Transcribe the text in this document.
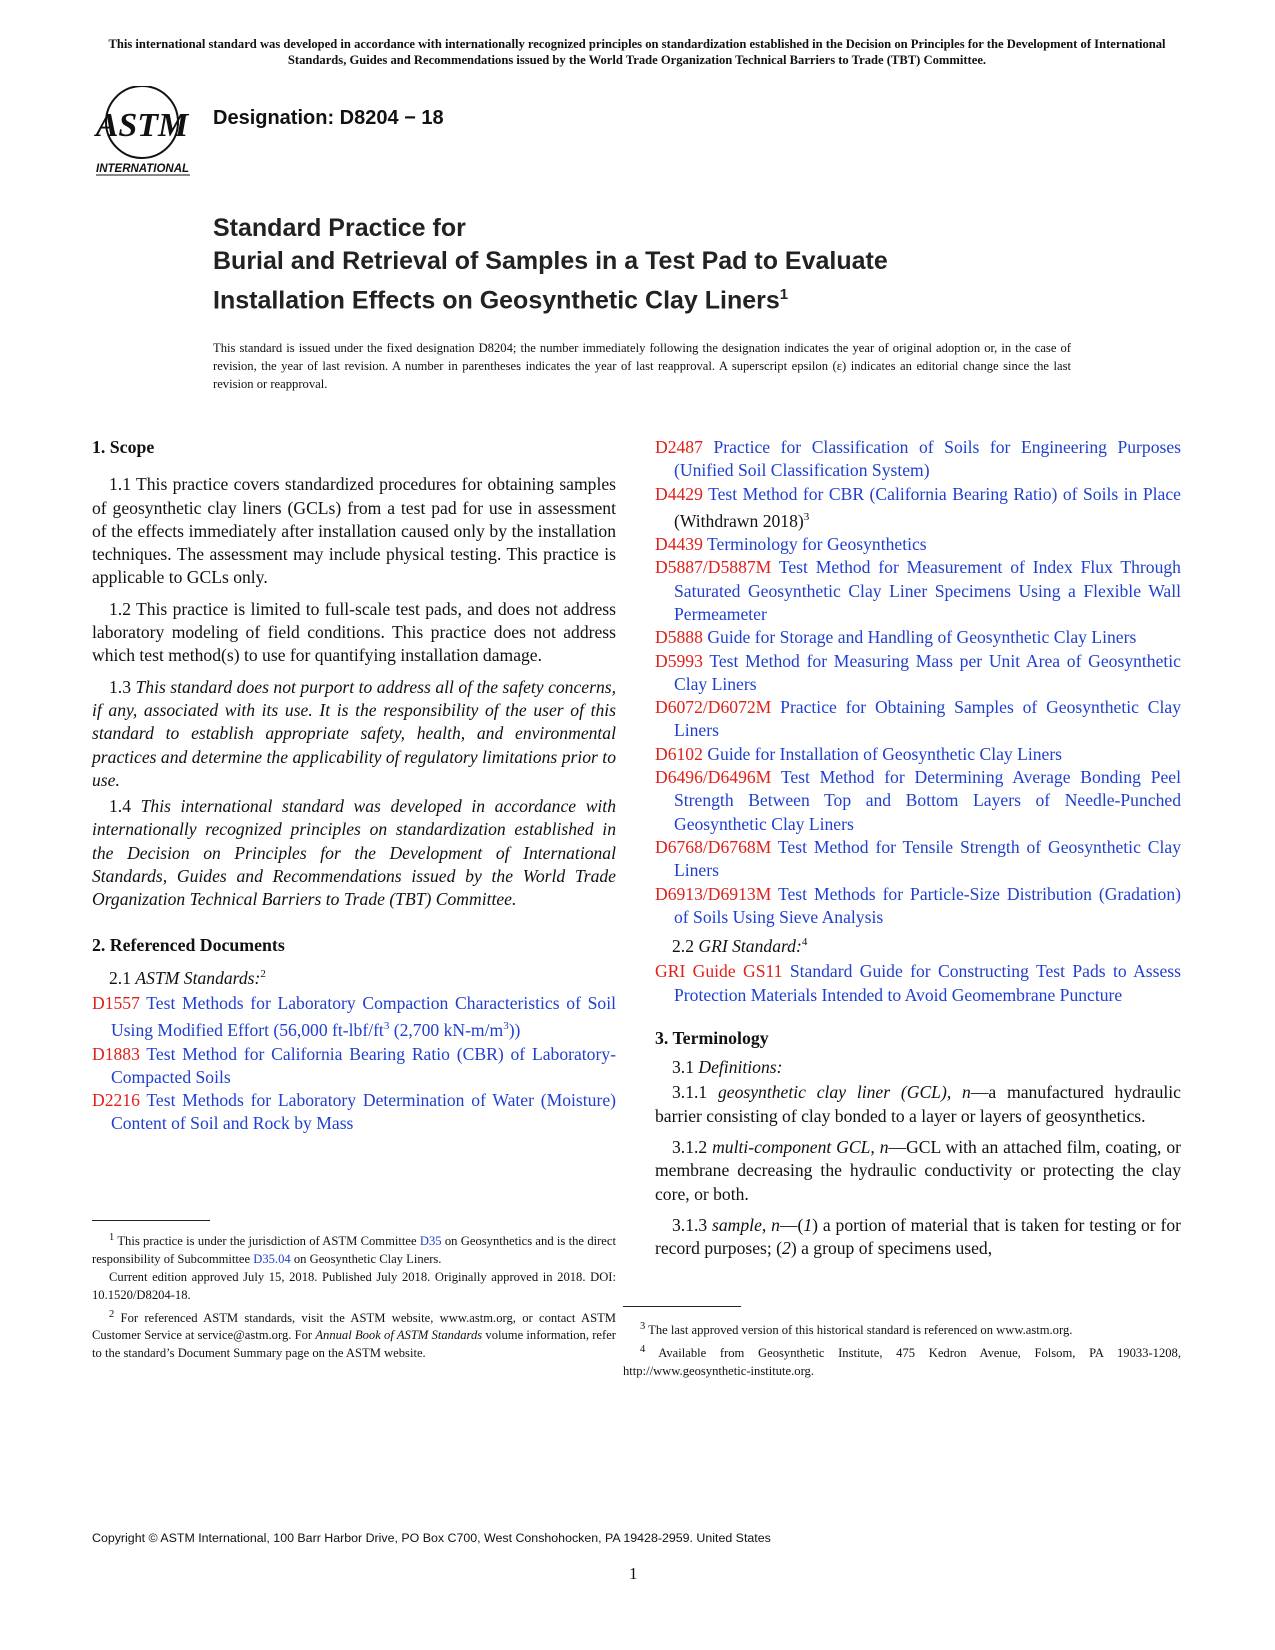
This international standard was developed in accordance with internationally recognized principles on standardization established in the Decision on Principles for the Development of International Standards, Guides and Recommendations issued by the World Trade Organization Technical Barriers to Trade (TBT) Committee.
ASTM
INTERNATIONAL
Designation: D8204 − 18
Standard Practice for
Burial and Retrieval of Samples in a Test Pad to Evaluate
Installation Effects on Geosynthetic Clay Liners$^1$
This standard is issued under the fixed designation D8204; the number immediately following the designation indicates the year of original adoption or, in the case of revision, the year of last revision. A number in parentheses indicates the year of last reapproval. A superscript epsilon (ε) indicates an editorial change since the last revision or reapproval.
1. Scope

1.1 This practice covers standardized procedures for obtaining samples of geosynthetic clay liners (GCLs) from a test pad for use in assessment of the effects immediately after installation caused only by the installation techniques. The assessment may include physical testing. This practice is applicable to GCLs only.

1.2 This practice is limited to full-scale test pads, and does not address laboratory modeling of field conditions. This practice does not address which test method(s) to use for quantifying installation damage.

1.3 This standard does not purport to address all of the safety concerns, if any, associated with its use. It is the responsibility of the user of this standard to establish appropriate safety, health, and environmental practices and determine the applicability of regulatory limitations prior to use.

1.4 This international standard was developed in accordance with internationally recognized principles on standardization established in the Decision on Principles for the Development of International Standards, Guides and Recommendations issued by the World Trade Organization Technical Barriers to Trade (TBT) Committee.

2. Referenced Documents

2.1 ASTM Standards:$^2$

D1557 Test Methods for Laboratory Compaction Characteristics of Soil Using Modified Effort (56,000 $ft-lbf/ft^3$ (2,700 $kN-m/m^3$))

D1883 Test Method for California Bearing Ratio (CBR) of Laboratory-Compacted Soils

D2216 Test Methods for Laboratory Determination of Water (Moisture) Content of Soil and Rock by Mass

D2487 Practice for Classification of Soils for Engineering Purposes (Unified Soil Classification System)

D4429 Test Method for CBR (California Bearing Ratio) of Soils in Place (Withdrawn 2018)$^3$

D4439 Terminology for Geosynthetics

D5887/D5887M Test Method for Measurement of Index Flux Through Saturated Geosynthetic Clay Liner Specimens Using a Flexible Wall Permeameter

D5888 Guide for Storage and Handling of Geosynthetic Clay Liners

D5993 Test Method for Measuring Mass per Unit Area of Geosynthetic Clay Liners

D6072/D6072M Practice for Obtaining Samples of Geosynthetic Clay Liners

D6102 Guide for Installation of Geosynthetic Clay Liners

D6496/D6496M Test Method for Determining Average Bonding Peel Strength Between Top and Bottom Layers of Needle-Punched Geosynthetic Clay Liners

D6768/D6768M Test Method for Tensile Strength of Geosynthetic Clay Liners

D6913/D6913M Test Methods for Particle-Size Distribution (Gradation) of Soils Using Sieve Analysis

2.2 GRI Standard:$^4$

GRI Guide GS11 Standard Guide for Constructing Test Pads to Assess Protection Materials Intended to Avoid Geomembrane Puncture

3. Terminology

3.1 Definitions:

3.1.1 geosynthetic clay liner (GCL), n—a manufactured hydraulic barrier consisting of clay bonded to a layer or layers of geosynthetics.

3.1.2 multi-component GCL, n—GCL with an attached film, coating, or membrane decreasing the hydraulic conductivity or protecting the clay core, or both.

3.1.3 sample, n—(1) a portion of material that is taken for testing or for record purposes; (2) a group of specimens used,

$^1$ This practice is under the jurisdiction of ASTM Committee D35 on Geosynthetics and is the direct responsibility of Subcommittee D35.04 on Geosynthetic Clay Liners.

Current edition approved July 15, 2018. Published July 2018. Originally approved in 2018. DOI: 10.1520/D8204-18.

$^2$ For referenced ASTM standards, visit the ASTM website, www.astm.org, or contact ASTM Customer Service at service@astm.org. For Annual Book of ASTM Standards volume information, refer to the standard’s Document Summary page on the ASTM website.

$^3$ The last approved version of this historical standard is referenced on www.astm.org.

$^4$ Available from Geosynthetic Institute, 475 Kedron Avenue, Folsom, PA 19033-1208, http://www.geosynthetic-institute.org.

Copyright © ASTM International, 100 Barr Harbor Drive, PO Box C700, West Conshohocken, PA 19428-2959. United States
1
